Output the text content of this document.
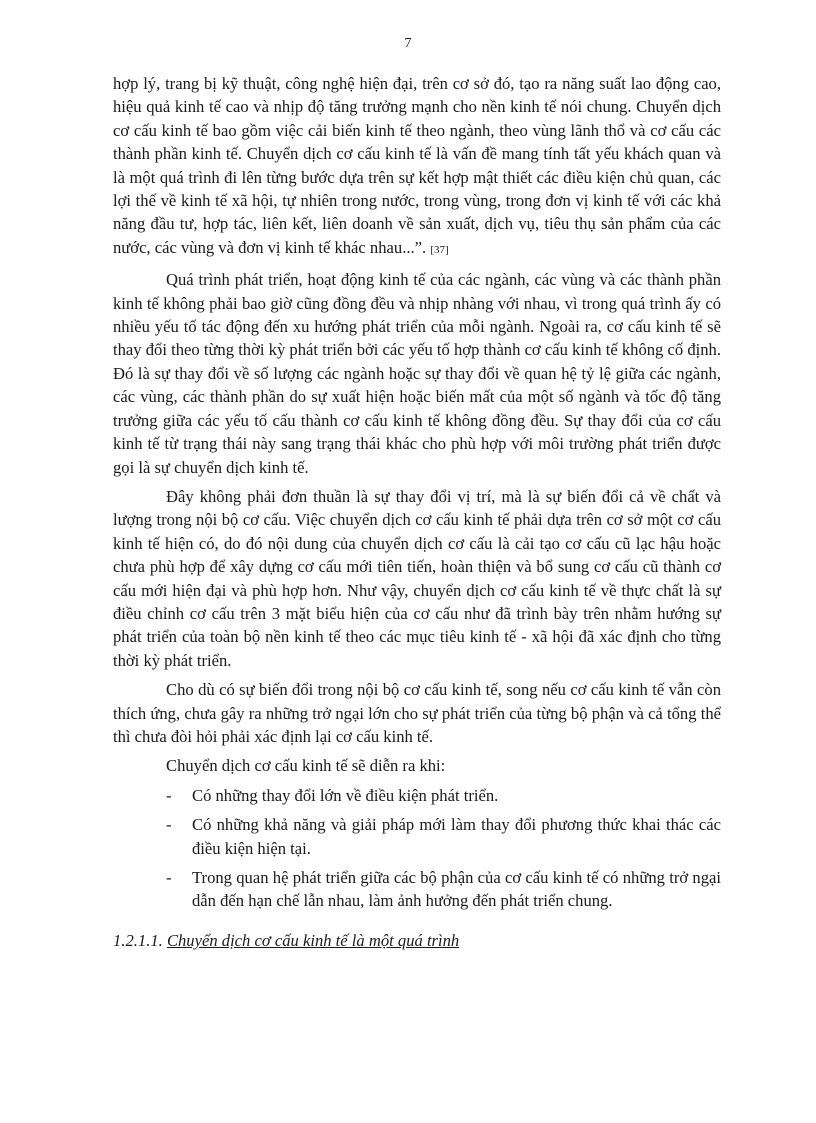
7

hợp lý, trang bị kỹ thuật, công nghệ hiện đại, trên cơ sở đó, tạo ra năng suất lao động cao, hiệu quả kinh tế cao và nhịp độ tăng trưởng mạnh cho nền kinh tế nói chung. Chuyển dịch cơ cấu kinh tế bao gồm việc cải biến kinh tế theo ngành, theo vùng lãnh thổ và cơ cấu các thành phần kinh tế. Chuyển dịch cơ cấu kinh tế là vấn đề mang tính tất yếu khách quan và là một quá trình đi lên từng bước dựa trên sự kết hợp mật thiết các điều kiện chủ quan, các lợi thế về kinh tế xã hội, tự nhiên trong nước, trong vùng, trong đơn vị kinh tế với các khả năng đầu tư, hợp tác, liên kết, liên doanh về sản xuất, dịch vụ, tiêu thụ sản phẩm của các nước, các vùng và đơn vị kinh tế khác nhau...”. [37]

Quá trình phát triển, hoạt động kinh tế của các ngành, các vùng và các thành phần kinh tế không phải bao giờ cũng đồng đều và nhịp nhàng với nhau, vì trong quá trình ấy có nhiều yếu tố tác động đến xu hướng phát triển của mỗi ngành. Ngoài ra, cơ cấu kinh tế sẽ thay đổi theo từng thời kỳ phát triển bởi các yếu tố hợp thành cơ cấu kinh tế không cố định. Đó là sự thay đổi về số lượng các ngành hoặc sự thay đổi về quan hệ tỷ lệ giữa các ngành, các vùng, các thành phần do sự xuất hiện hoặc biến mất của một số ngành và tốc độ tăng trưởng giữa các yếu tố cấu thành cơ cấu kinh tế không đồng đều. Sự thay đổi của cơ cấu kinh tế từ trạng thái này sang trạng thái khác cho phù hợp với môi trường phát triển được gọi là sự chuyển dịch kinh tế.

Đây không phải đơn thuần là sự thay đổi vị trí, mà là sự biến đổi cả về chất và lượng trong nội bộ cơ cấu. Việc chuyển dịch cơ cấu kinh tế phải dựa trên cơ sở một cơ cấu kinh tế hiện có, do đó nội dung của chuyển dịch cơ cấu là cải tạo cơ cấu cũ lạc hậu hoặc chưa phù hợp để xây dựng cơ cấu mới tiên tiến, hoàn thiện và bổ sung cơ cấu cũ thành cơ cấu mới hiện đại và phù hợp hơn. Như vậy, chuyển dịch cơ cấu kinh tế về thực chất là sự điều chỉnh cơ cấu trên 3 mặt biểu hiện của cơ cấu như đã trình bày trên nhằm hướng sự phát triển của toàn bộ nền kinh tế theo các mục tiêu kinh tế - xã hội đã xác định cho từng thời kỳ phát triển.

Cho dù có sự biến đổi trong nội bộ cơ cấu kinh tế, song nếu cơ cấu kinh tế vẫn còn thích ứng, chưa gây ra những trở ngại lớn cho sự phát triển của từng bộ phận và cả tổng thể thì chưa đòi hỏi phải xác định lại cơ cấu kinh tế.

Chuyển dịch cơ cấu kinh tế sẽ diễn ra khi:

-	Có những thay đổi lớn về điều kiện phát triển.
-	Có những khả năng và giải pháp mới làm thay đổi phương thức khai thác các điều kiện hiện tại.
-	Trong quan hệ phát triển giữa các bộ phận của cơ cấu kinh tế có những trở ngại dẫn đến hạn chế lẫn nhau, làm ảnh hưởng đến phát triển chung.

1.2.1.1. Chuyển dịch cơ cấu kinh tế là một quá trình
